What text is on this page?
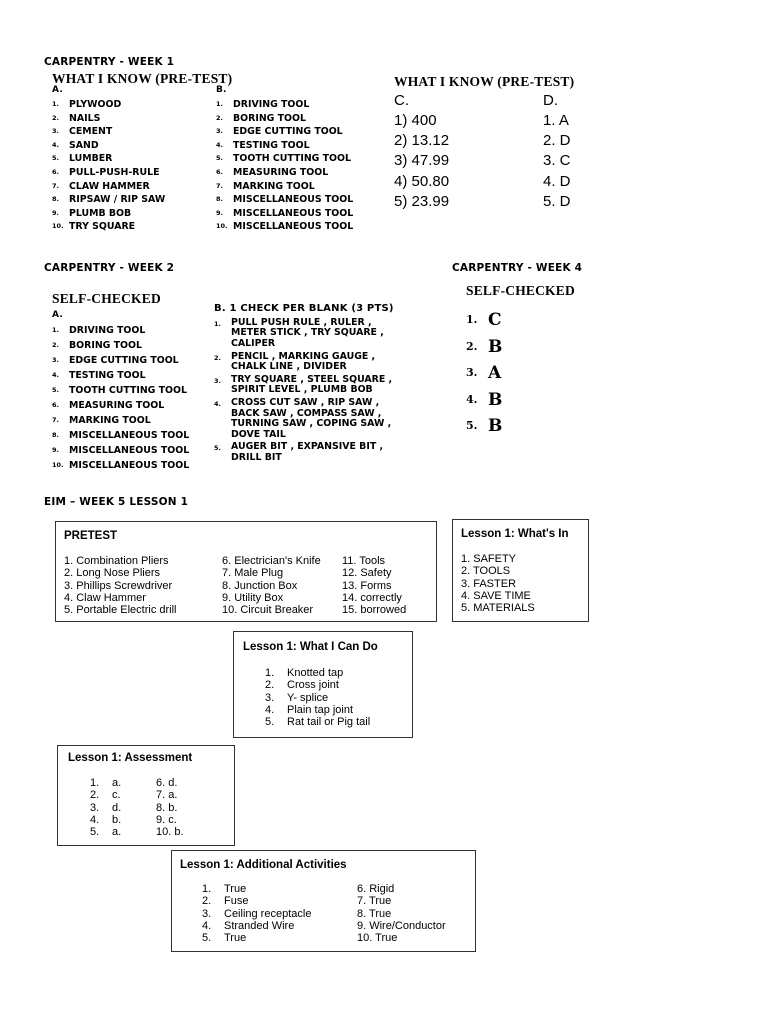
CARPENTRY - WEEK 1
WHAT I KNOW (PRE-TEST)
A.
1. PLYWOOD
2. NAILS
3. CEMENT
4. SAND
5. LUMBER
6. PULL-PUSH-RULE
7. CLAW HAMMER
8. RIPSAW / RIP SAW
9. PLUMB BOB
10. TRY SQUARE
B.
1. DRIVING TOOL
2. BORING TOOL
3. EDGE CUTTING TOOL
4. TESTING TOOL
5. TOOTH CUTTING TOOL
6. MEASURING TOOL
7. MARKING TOOL
8. MISCELLANEOUS TOOL
9. MISCELLANEOUS TOOL
10. MISCELLANEOUS TOOL
WHAT I KNOW (PRE-TEST)
C.
1) 400
2) 13.12
3) 47.99
4) 50.80
5) 23.99
D.
1. A
2. D
3. C
4. D
5. D
CARPENTRY - WEEK 2
SELF-CHECKED
A.
1. DRIVING TOOL
2. BORING TOOL
3. EDGE CUTTING TOOL
4. TESTING TOOL
5. TOOTH CUTTING TOOL
6. MEASURING TOOL
7. MARKING TOOL
8. MISCELLANEOUS TOOL
9. MISCELLANEOUS TOOL
10. MISCELLANEOUS TOOL
B. 1 CHECK PER BLANK (3 PTS)
1. PULL PUSH RULE , RULER , METER STICK , TRY SQUARE , CALIPER
2. PENCIL , MARKING GAUGE , CHALK LINE , DIVIDER
3. TRY SQUARE , STEEL SQUARE , SPIRIT LEVEL , PLUMB BOB
4. CROSS CUT SAW , RIP SAW , BACK SAW , COMPASS SAW , TURNING SAW , COPING SAW , DOVE TAIL
5. AUGER BIT , EXPANSIVE BIT , DRILL BIT
CARPENTRY - WEEK 4
SELF-CHECKED
1. C
2. B
3. A
4. B
5. B
EIM – WEEK 5 LESSON 1
PRETEST
1. Combination Pliers
2. Long Nose Pliers
3. Phillips Screwdriver
4. Claw Hammer
5. Portable Electric drill
6. Electrician's Knife
7. Male Plug
8. Junction Box
9. Utility Box
10. Circuit Breaker
11. Tools
12. Safety
13. Forms
14. correctly
15. borrowed
Lesson 1: What's In
1. SAFETY
2. TOOLS
3. FASTER
4. SAVE TIME
5. MATERIALS
Lesson 1: What I Can Do
1. Knotted tap
2. Cross joint
3. Y- splice
4. Plain tap joint
5. Rat tail or Pig tail
Lesson 1: Assessment
1. a.
2. c.
3. d.
4. b.
5. a.
6. d.
7. a.
8. b.
9. c.
10. b.
Lesson 1: Additional Activities
1. True
2. Fuse
3. Ceiling receptacle
4. Stranded Wire
5. True
6. Rigid
7. True
8. True
9. Wire/Conductor
10. True
